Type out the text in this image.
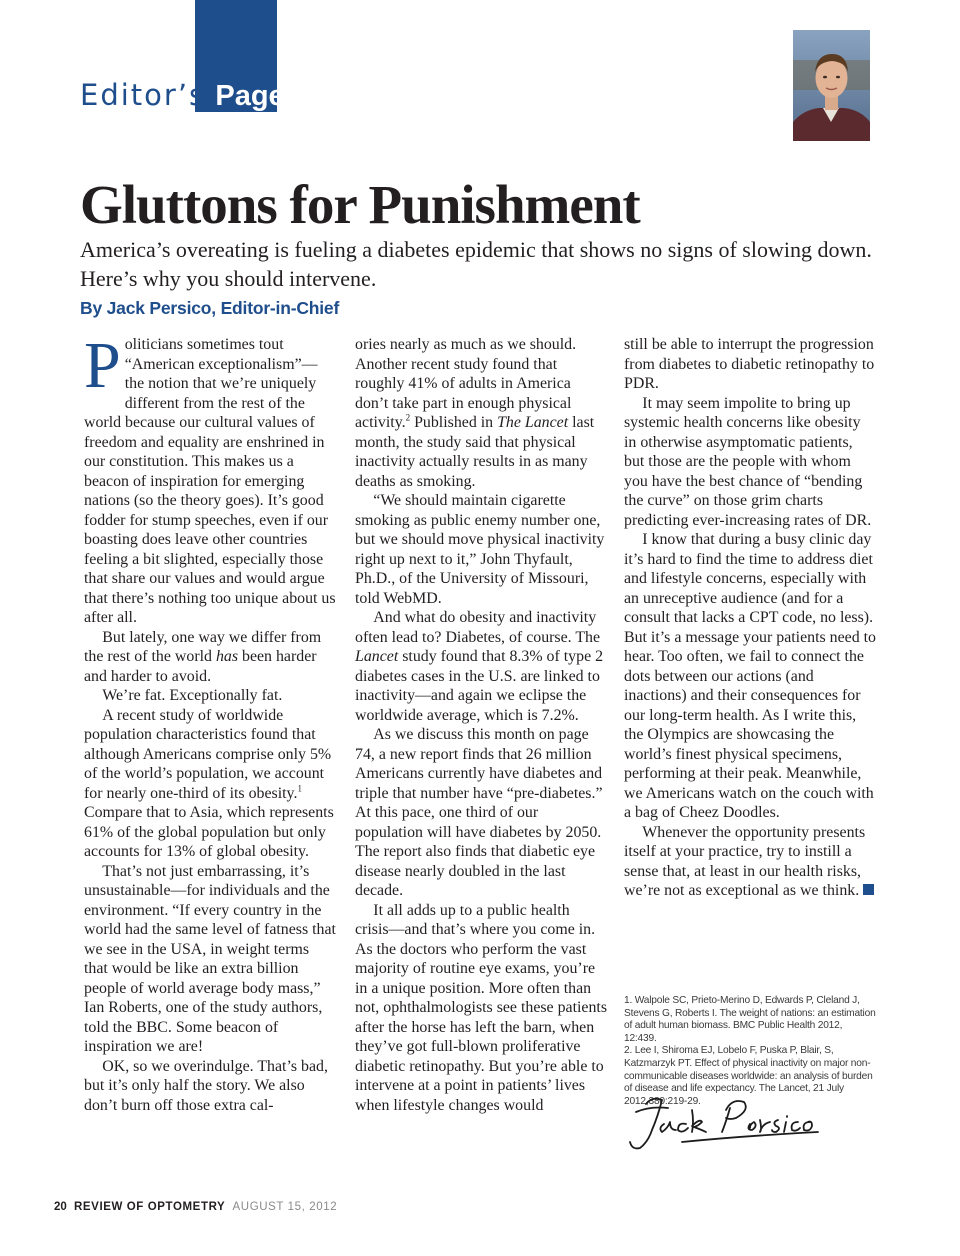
Editor’s Page
Gluttons for Punishment

America’s overeating is fueling a diabetes epidemic that shows no signs of slowing down. Here’s why you should intervene.

By Jack Persico, Editor-in-Chief

Politicians sometimes tout “American exceptionalism”—the notion that we’re uniquely different from the rest of the world because our cultural values of freedom and equality are enshrined in our constitution. This makes us a beacon of inspiration for emerging nations (so the theory goes). It’s good fodder for stump speeches, even if our boasting does leave other countries feeling a bit slighted, especially those that share our values and would argue that there’s nothing too unique about us after all.

But lately, one way we differ from the rest of the world has been harder and harder to avoid.

We’re fat. Exceptionally fat.

A recent study of worldwide population characteristics found that although Americans comprise only 5% of the world’s population, we account for nearly one-third of its obesity.$^1$ Compare that to Asia, which represents 61% of the global population but only accounts for 13% of global obesity.

That’s not just embarrassing, it’s unsustainable—for individuals and the environment. “If every country in the world had the same level of fatness that we see in the USA, in weight terms that would be like an extra billion people of world average body mass,” Ian Roberts, one of the study authors, told the BBC. Some beacon of inspiration we are!

OK, so we overindulge. That’s bad, but it’s only half the story. We also don’t burn off those extra cal-

ories nearly as much as we should. Another recent study found that roughly 41% of adults in America don’t take part in enough physical activity.$^2$ Published in The Lancet last month, the study said that physical inactivity actually results in as many deaths as smoking.

“We should maintain cigarette smoking as public enemy number one, but we should move physical inactivity right up next to it,” John Thyfault, Ph.D., of the University of Missouri, told WebMD.

And what do obesity and inactivity often lead to? Diabetes, of course. The Lancet study found that 8.3% of type 2 diabetes cases in the U.S. are linked to inactivity—and again we eclipse the worldwide average, which is 7.2%.

As we discuss this month on page 74, a new report finds that 26 million Americans currently have diabetes and triple that number have “pre-diabetes.” At this pace, one third of our population will have diabetes by 2050. The report also finds that diabetic eye disease nearly doubled in the last decade.

It all adds up to a public health crisis—and that’s where you come in. As the doctors who perform the vast majority of routine eye exams, you’re in a unique position. More often than not, ophthalmologists see these patients after the horse has left the barn, when they’ve got full-blown proliferative diabetic retinopathy. But you’re able to intervene at a point in patients’ lives when lifestyle changes would

still be able to interrupt the progression from diabetes to diabetic retinopathy to PDR.

It may seem impolite to bring up systemic health concerns like obesity in otherwise asymptomatic patients, but those are the people with whom you have the best chance of “bending the curve” on those grim charts predicting ever-increasing rates of DR.

I know that during a busy clinic day it’s hard to find the time to address diet and lifestyle concerns, especially with an unreceptive audience (and for a consult that lacks a CPT code, no less). But it’s a message your patients need to hear. Too often, we fail to connect the dots between our actions (and inactions) and their consequences for our long-term health. As I write this, the Olympics are showcasing the world’s finest physical specimens, performing at their peak. Meanwhile, we Americans watch on the couch with a bag of Cheez Doodles.

Whenever the opportunity presents itself at your practice, try to instill a sense that, at least in our health risks, we’re not as exceptional as we think.

1. Walpole SC, Prieto-Merino D, Edwards P, Cleland J, Stevens G, Roberts I. The weight of nations: an estimation of adult human biomass. BMC Public Health 2012, 12:439.

2. Lee I, Shiroma EJ, Lobelo F, Puska P, Blair, S, Katzmarzyk PT. Effect of physical inactivity on major non-communicable diseases worldwide: an analysis of burden of disease and life expectancy. The Lancet, 21 July 2012,380:219-29.

20 REVIEW OF OPTOMETRY AUGUST 15, 2012
